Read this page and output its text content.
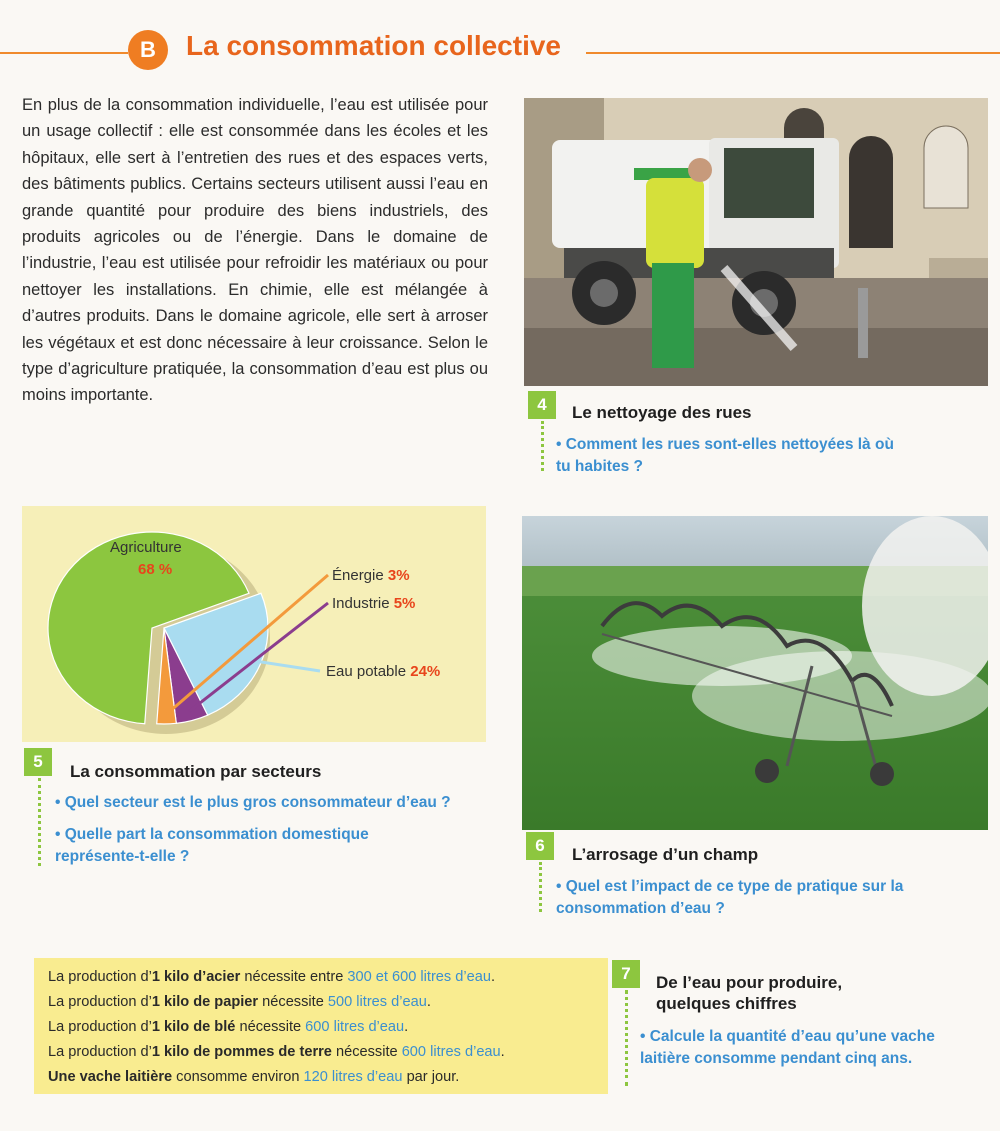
B	La consommation collective

En plus de la consommation individuelle, l’eau est utilisée pour un usage collectif : elle est consommée dans les écoles et les hôpitaux, elle sert à l’entretien des rues et des espaces verts, des bâtiments publics. Certains secteurs utilisent aussi l’eau en grande quantité pour produire des biens industriels, des produits agricoles ou de l’énergie. Dans le domaine de l’industrie, l’eau est utilisée pour refroidir les matériaux ou pour nettoyer les installations. En chimie, elle est mélangée à d’autres produits. Dans le domaine agricole, elle sert à arroser les végétaux et est donc nécessaire à leur croissance. Selon le type d’agriculture pratiquée, la consommation d’eau est plus ou moins importante.	4	Le nettoyage des rues
• Comment les rues sont-elles nettoyées là où tu habites ?
Agriculture
68 %
Eau potable 24%
Industrie 5%
Énergie 3%
5
La consommation par secteurs
• Quel secteur est le plus gros consommateur d’eau ?
• Quelle part la consommation domestique représente-t-elle ?
6	L’arrosage d’un champ
• Quel est l’impact de ce type de pratique sur la consommation d’eau ?
La production d’1 kilo d’acier nécessite entre 300 et 600 litres d’eau.
La production d’1 kilo de papier nécessite 500 litres d’eau.
La production d’1 kilo de blé nécessite 600 litres d’eau.
La production d’1 kilo de pommes de terre nécessite 600 litres d’eau.
Une vache laitière consomme environ 120 litres d’eau par jour.
7	De l’eau pour produire, quelques chiffres
• Calcule la quantité d’eau qu’une vache laitière consomme pendant cinq ans.
